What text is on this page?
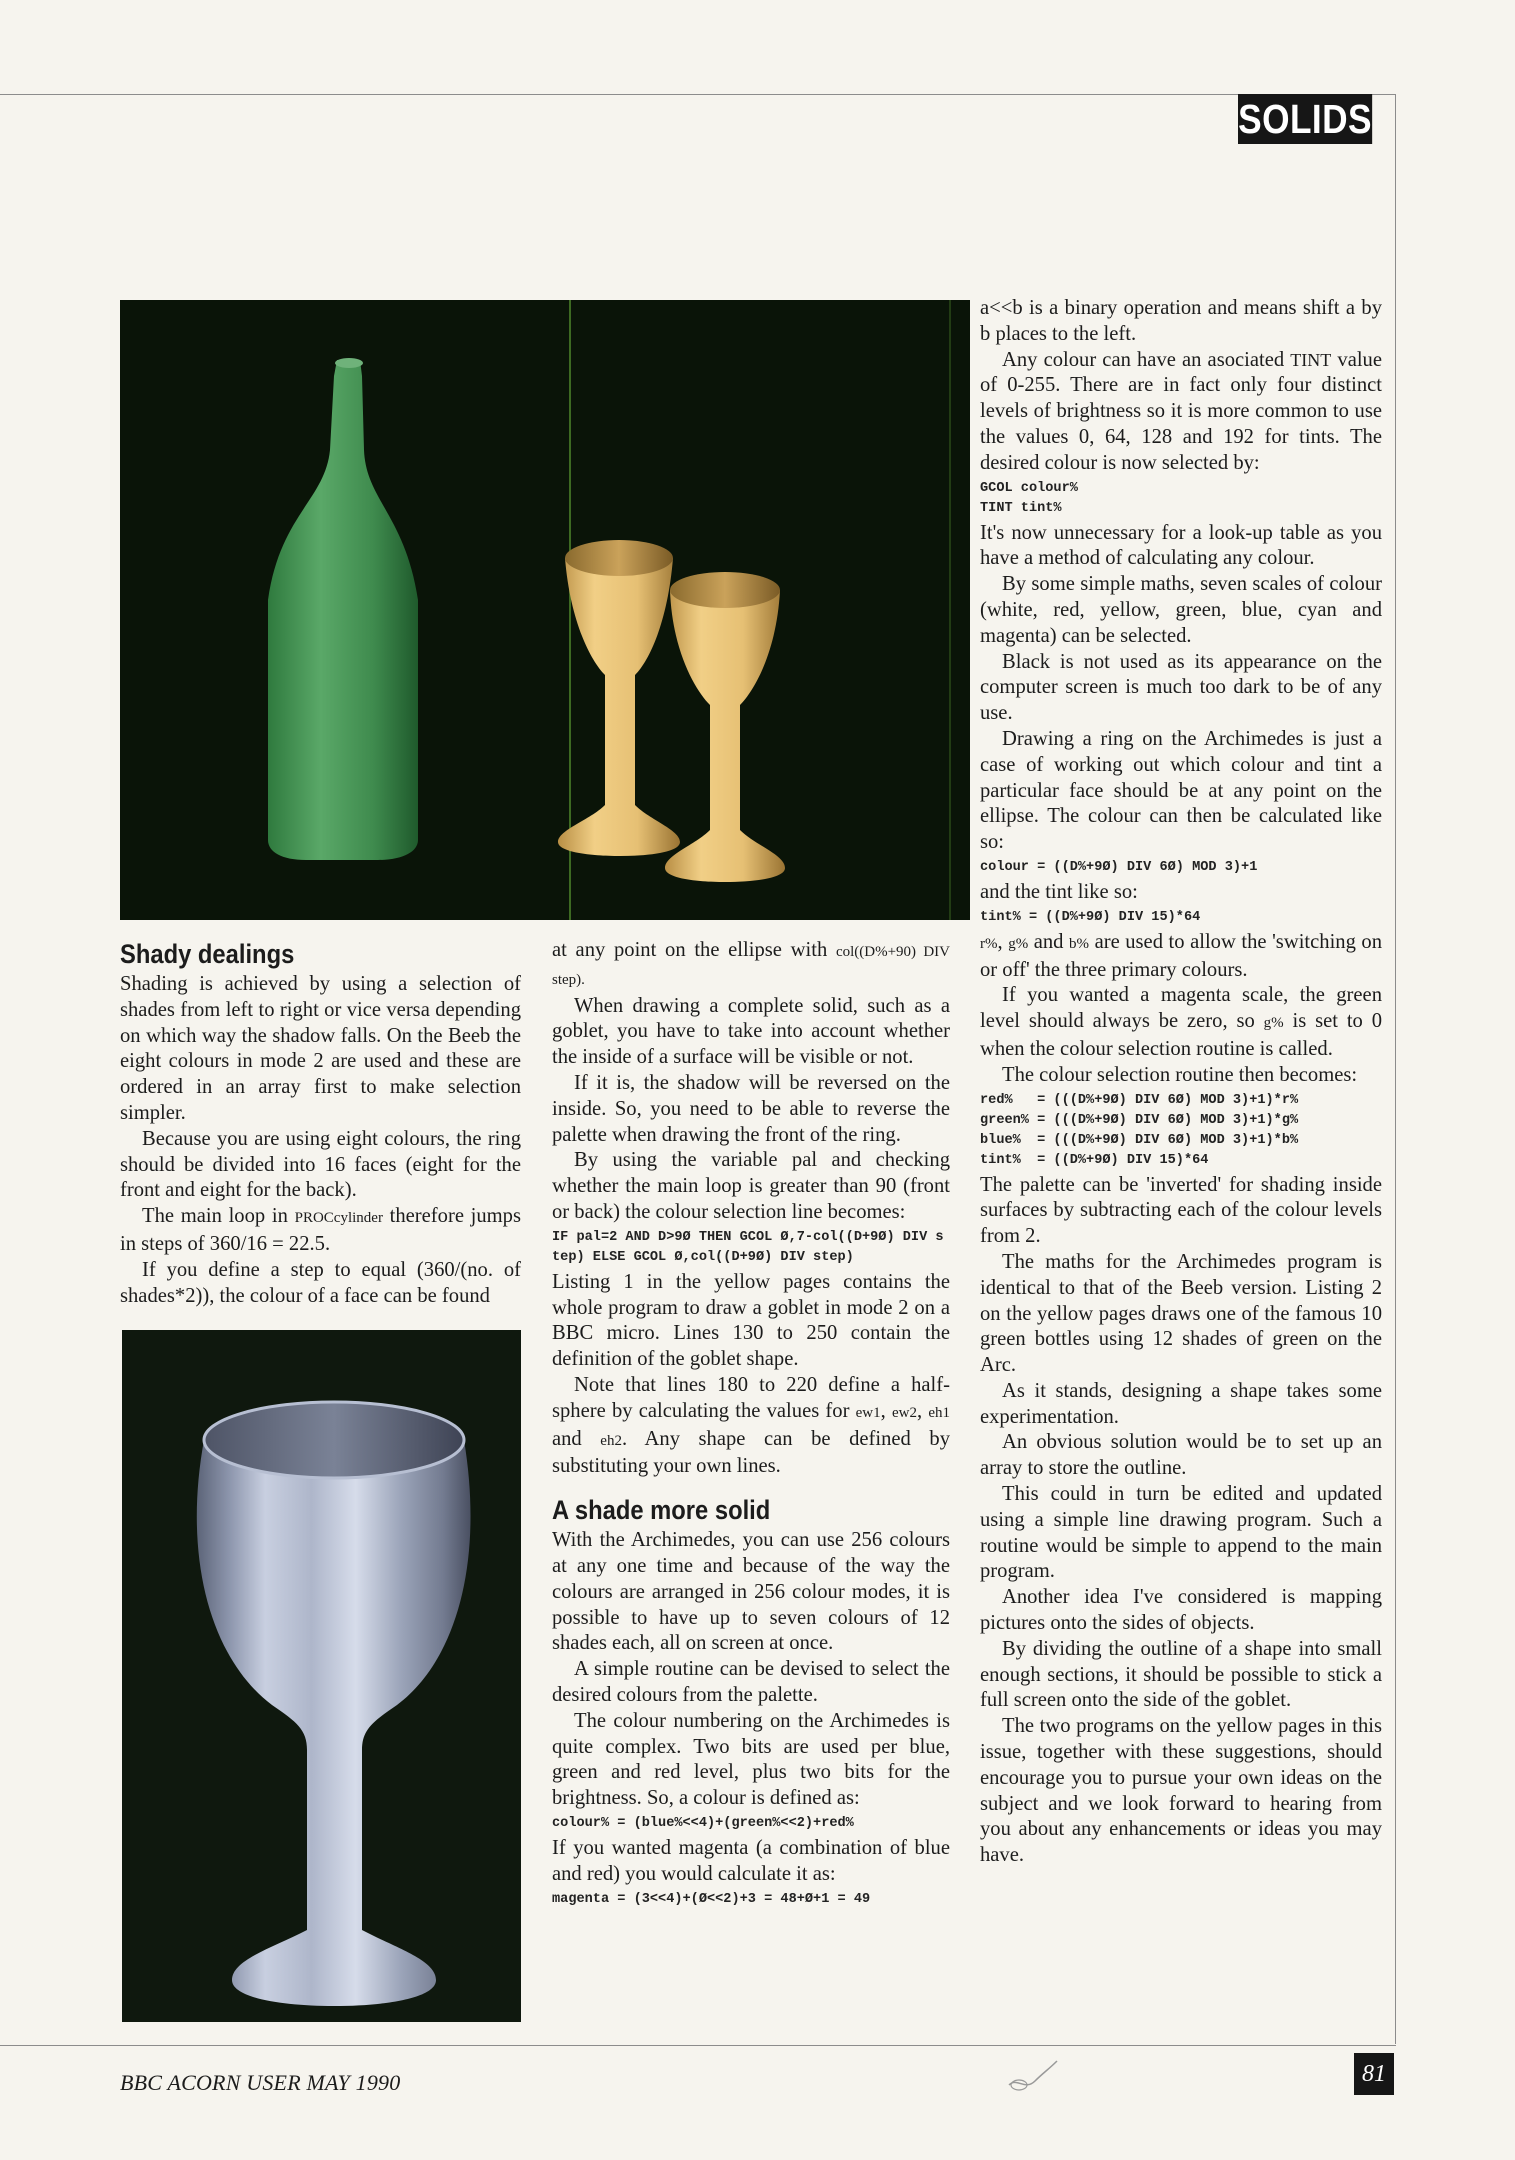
SOLIDS
Shady dealings

Shading is achieved by using a selection of shades from left to right or vice versa depending on which way the shadow falls. On the Beeb the eight colours in mode 2 are used and these are ordered in an array first to make selection simpler.

Because you are using eight colours, the ring should be divided into 16 faces (eight for the front and eight for the back).

The main loop in PROCcylinder therefore jumps in steps of 360/16 = 22.5.

If you define a step to equal (360/(no. of shades*2)), the colour of a face can be found

at any point on the ellipse with col((D%+90) DIV step).

When drawing a complete solid, such as a goblet, you have to take into account whether the inside of a surface will be visible or not.

If it is, the shadow will be reversed on the inside. So, you need to be able to reverse the palette when drawing the front of the ring.

By using the variable pal and checking whether the main loop is greater than 90 (front or back) the colour selection line becomes:

IF pal=2 AND D>9Ø THEN GCOL Ø,7-col((D+9Ø) DIV step) ELSE GCOL Ø,col((D+9Ø) DIV step)

Listing 1 in the yellow pages contains the whole program to draw a goblet in mode 2 on a BBC micro. Lines 130 to 250 contain the definition of the goblet shape.

Note that lines 180 to 220 define a half-sphere by calculating the values for ew1, ew2, eh1 and eh2. Any shape can be defined by substituting your own lines.

A shade more solid

With the Archimedes, you can use 256 colours at any one time and because of the way the colours are arranged in 256 colour modes, it is possible to have up to seven colours of 12 shades each, all on screen at once.

A simple routine can be devised to select the desired colours from the palette.

The colour numbering on the Archimedes is quite complex. Two bits are used per blue, green and red level, plus two bits for the brightness. So, a colour is defined as:

colour% = (blue%<<4)+(green%<<2)+red%

If you wanted magenta (a combination of blue and red) you would calculate it as:

magenta = (3<<4)+(Ø<<2)+3 = 48+Ø+1 = 49

a<<b is a binary operation and means shift a by b places to the left.

Any colour can have an asociated TINT value of 0-255. There are in fact only four distinct levels of brightness so it is more common to use the values 0, 64, 128 and 192 for tints. The desired colour is now selected by:

GCOL colour%
TINT tint%

It's now unnecessary for a look-up table as you have a method of calculating any colour.

By some simple maths, seven scales of colour (white, red, yellow, green, blue, cyan and magenta) can be selected.

Black is not used as its appearance on the computer screen is much too dark to be of any use.

Drawing a ring on the Archimedes is just a case of working out which colour and tint a particular face should be at any point on the ellipse. The colour can then be calculated like so:

colour = ((D%+9Ø) DIV 6Ø) MOD 3)+1

and the tint like so:

tint% = ((D%+9Ø) DIV 15)*64

r%, g% and b% are used to allow the 'switching on or off' the three primary colours.

If you wanted a magenta scale, the green level should always be zero, so g% is set to 0 when the colour selection routine is called.

The colour selection routine then becomes:

red%   = (((D%+9Ø) DIV 6Ø) MOD 3)+1)*r%
green% = (((D%+9Ø) DIV 6Ø) MOD 3)+1)*g%
blue%  = (((D%+9Ø) DIV 6Ø) MOD 3)+1)*b%
tint%  = ((D%+9Ø) DIV 15)*64

The palette can be 'inverted' for shading inside surfaces by subtracting each of the colour levels from 2.

The maths for the Archimedes program is identical to that of the Beeb version. Listing 2 on the yellow pages draws one of the famous 10 green bottles using 12 shades of green on the Arc.

As it stands, designing a shape takes some experimentation.

An obvious solution would be to set up an array to store the outline.

This could in turn be edited and updated using a simple line drawing program. Such a routine would be simple to append to the main program.

Another idea I've considered is mapping pictures onto the sides of objects.

By dividing the outline of a shape into small enough sections, it should be possible to stick a full screen onto the side of the goblet.

The two programs on the yellow pages in this issue, together with these suggestions, should encourage you to pursue your own ideas on the subject and we look forward to hearing from you about any enhancements or ideas you may have.

BBC ACORN USER MAY 1990	81
